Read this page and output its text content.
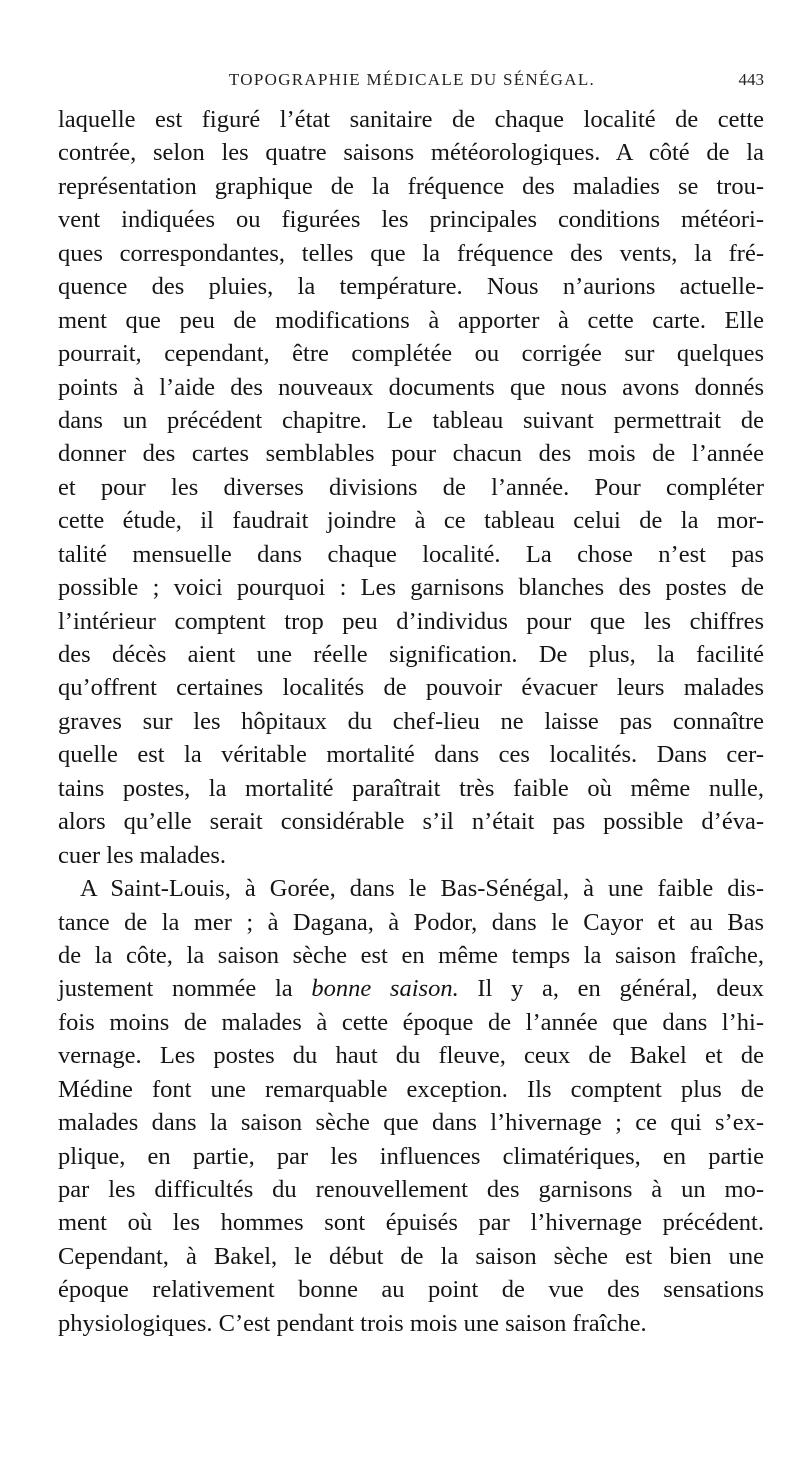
TOPOGRAPHIE MÉDICALE DU SÉNÉGAL.	443
laquelle est figuré l’état sanitaire de chaque localité de cette
contrée, selon les quatre saisons météorologiques. A côté de la
représentation graphique de la fréquence des maladies se trou-
vent indiquées ou figurées les principales conditions météori-
ques correspondantes, telles que la fréquence des vents, la fré-
quence des pluies, la température. Nous n’aurions actuelle-
ment que peu de modifications à apporter à cette carte. Elle
pourrait, cependant, être complétée ou corrigée sur quelques
points à l’aide des nouveaux documents que nous avons donnés
dans un précédent chapitre. Le tableau suivant permettrait de
donner des cartes semblables pour chacun des mois de l’année
et pour les diverses divisions de l’année. Pour compléter
cette étude, il faudrait joindre à ce tableau celui de la mor-
talité mensuelle dans chaque localité. La chose n’est pas
possible ; voici pourquoi : Les garnisons blanches des postes de
l’intérieur comptent trop peu d’individus pour que les chiffres
des décès aient une réelle signification. De plus, la facilité
qu’offrent certaines localités de pouvoir évacuer leurs malades
graves sur les hôpitaux du chef-lieu ne laisse pas connaître
quelle est la véritable mortalité dans ces localités. Dans cer-
tains postes, la mortalité paraîtrait très faible où même nulle,
alors qu’elle serait considérable s’il n’était pas possible d’éva-
cuer les malades.
A Saint-Louis, à Gorée, dans le Bas-Sénégal, à une faible dis-
tance de la mer ; à Dagana, à Podor, dans le Cayor et au Bas
de la côte, la saison sèche est en même temps la saison fraîche,
justement nommée la bonne saison. Il y a, en général, deux
fois moins de malades à cette époque de l’année que dans l’hi-
vernage. Les postes du haut du fleuve, ceux de Bakel et de
Médine font une remarquable exception. Ils comptent plus de
malades dans la saison sèche que dans l’hivernage ; ce qui s’ex-
plique, en partie, par les influences climatériques, en partie
par les difficultés du renouvellement des garnisons à un mo-
ment où les hommes sont épuisés par l’hivernage précédent.
Cependant, à Bakel, le début de la saison sèche est bien une
époque relativement bonne au point de vue des sensations
physiologiques. C’est pendant trois mois une saison fraîche.
